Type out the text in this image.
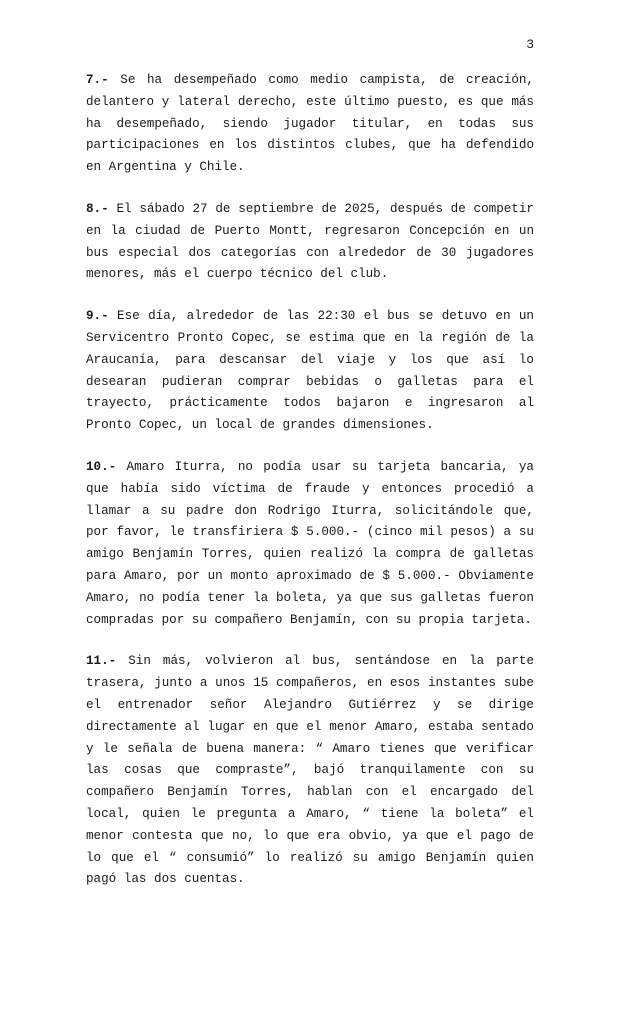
3

7.- Se ha desempeñado como medio campista, de creación, delantero y lateral derecho, este último puesto, es que más ha desempeñado, siendo jugador titular, en todas sus participaciones en los distintos clubes, que ha defendido en Argentina y Chile.

8.- El sábado 27 de septiembre de 2025, después de competir en la ciudad de Puerto Montt, regresaron Concepción en un bus especial dos categorías con alrededor de 30 jugadores menores, más el cuerpo técnico del club.

9.- Ese día, alrededor de las 22:30 el bus se detuvo en un Servicentro Pronto Copec, se estima que en la región de la Araucanía, para descansar del viaje y los que así lo desearan pudieran comprar bebidas o galletas para el trayecto, prácticamente todos bajaron e ingresaron al Pronto Copec, un local de grandes dimensiones.

10.- Amaro Iturra, no podía usar su tarjeta bancaria, ya que había sido víctima de fraude y entonces procedió a llamar a su padre don Rodrigo Iturra, solicitándole que, por favor, le transfiriera $ 5.000.- (cinco mil pesos) a su amigo Benjamín Torres, quien realizó la compra de galletas para Amaro, por un monto aproximado de $ 5.000.- Obviamente Amaro, no podía tener la boleta, ya que sus galletas fueron compradas por su compañero Benjamín, con su propia tarjeta.

11.- Sin más, volvieron al bus, sentándose en la parte trasera, junto a unos 15 compañeros, en esos instantes sube el entrenador señor Alejandro Gutiérrez y se dirige directamente al lugar en que el menor Amaro, estaba sentado y le señala de buena manera: “ Amaro tienes que verificar las cosas que compraste”, bajó tranquilamente con su compañero Benjamín Torres, hablan con el encargado del local, quien le pregunta a Amaro, “ tiene la boleta” el menor contesta que no, lo que era obvio, ya que el pago de lo que el “ consumió” lo realizó su amigo Benjamín quien pagó las dos cuentas.
